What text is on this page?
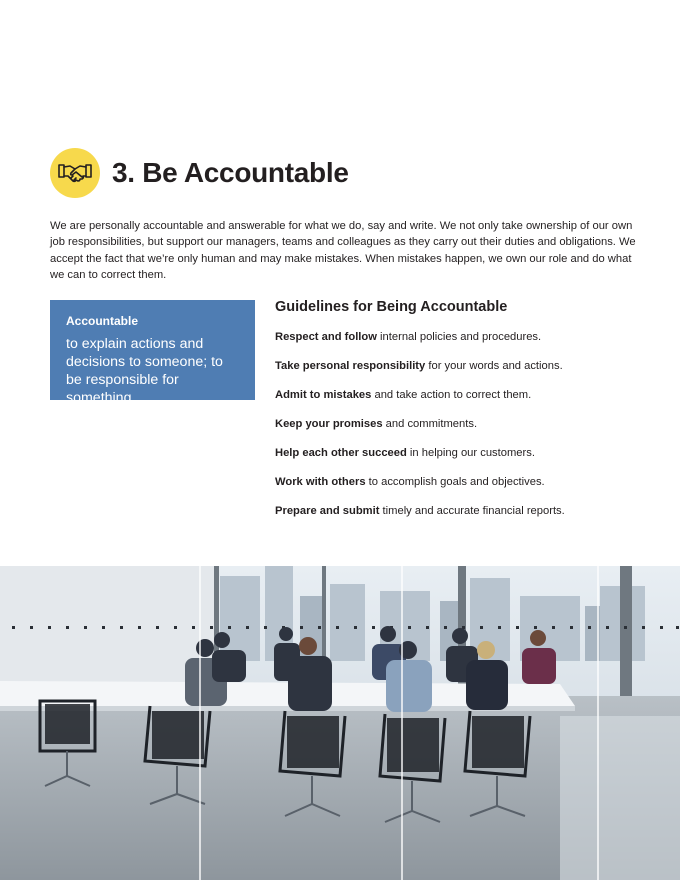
3. Be Accountable

We are personally accountable and answerable for what we do, say and write. We not only take ownership of our own job responsibilities, but support our managers, teams and colleagues as they carry out their duties and obligations. We accept the fact that we’re only human and may make mistakes. When mistakes happen, we own our role and do what we can to correct them.

Accountable
to explain actions and decisions to someone; to be responsible for something
Guidelines for Being Accountable
Respect and follow internal policies and procedures.
Take personal responsibility for your words and actions.
Admit to mistakes and take action to correct them.
Keep your promises and commitments.
Help each other succeed in helping our customers.
Work with others to accomplish goals and objectives.
Prepare and submit timely and accurate financial reports.
